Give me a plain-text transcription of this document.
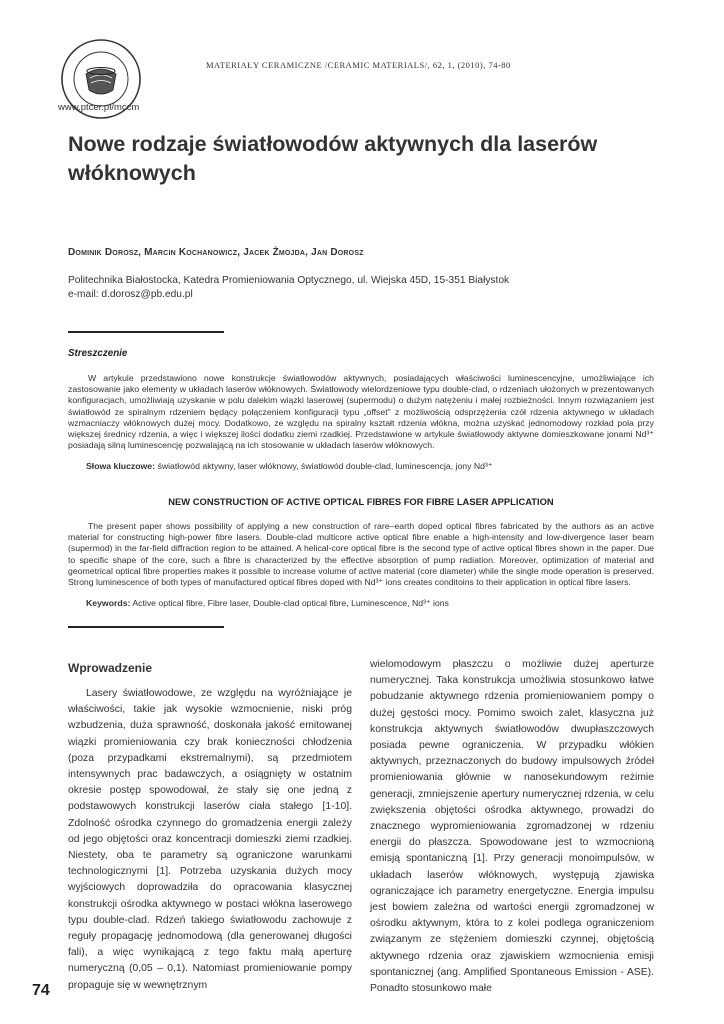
www.ptcer.pl/mccm
MATERIAŁY CERAMICZNE /CERAMIC MATERIALS/, 62, 1, (2010), 74-80
Nowe rodzaje światłowodów aktywnych dla laserów włóknowych
Dominik Dorosz, Marcin Kochanowicz, Jacek Żmojda, Jan Dorosz
Politechnika Białostocka, Katedra Promieniowania Optycznego, ul. Wiejska 45D, 15-351 Białystok
e-mail: d.dorosz@pb.edu.pl
Streszczenie

W artykule przedstawiono nowe konstrukcje światłowodów aktywnych, posiadających właściwości luminescencyjne, umożliwiające ich zastosowanie jako elementy w układach laserów włóknowych. Światłowody wielordzeniowe typu double-clad, o rdzeniach ułożonych w prezentowanych konfiguracjach, umożliwiają uzyskanie w polu dalekim wiązki laserowej (supermodu) o dużym natężeniu i małej rozbieżności. Innym rozwiązaniem jest światłowód ze spiralnym rdzeniem będący połączeniem konfiguracji typu „offset" z możliwością odsprzężenia czół rdzenia aktywnego w układach wzmacniaczy włóknowych dużej mocy. Dodatkowo, ze względu na spiralny kształt rdzenia włókna, można uzyskać jednomodowy rozkład pola przy większej średnicy rdzenia, a więc i większej ilości dodatku ziemi rzadkiej. Przedstawione w artykule światłowody aktywne domieszkowane jonami Nd³⁺ posiadają silną luminescencję pozwalającą na ich stosowanie w układach laserów włóknowych.

Słowa kluczowe: światłowód aktywny, laser włóknowy, światłowód double-clad, luminescencja, jony Nd³⁺

NEW CONSTRUCTION OF ACTIVE OPTICAL FIBRES FOR FIBRE LASER APPLICATION

The present paper shows possibility of applying a new construction of rare–earth doped optical fibres fabricated by the authors as an active material for constructing high-power fibre lasers. Double-clad multicore active optical fibre enable a high-intensity and low-divergence laser beam (supermod) in the far-field diffraction region to be attained. A helical-core optical fibre is the second type of active optical fibres shown in the paper. Due to specific shape of the core, such a fibre is characterized by the effective absorption of pump radiation. Moreover, optimization of material and geometrical optical fibre properties makes it possible to increase volume of active material (core diameter) while the single mode operation is preserved. Strong luminescence of both types of manufactured optical fibres doped with Nd³⁺ ions creates conditoins to their application in optical fibre lasers.

Keywords: Active optical fibre, Fibre laser, Double-clad optical fibre, Luminescence, Nd³⁺ ions

Wprowadzenie

Lasery światłowodowe, ze względu na wyróżniające je właściwości, takie jak wysokie wzmocnienie, niski próg wzbudzenia, duża sprawność, doskonała jakość emitowanej wiązki promieniowania czy brak konieczności chłodzenia (poza przypadkami ekstremalnymi), są przedmiotem intensywnych prac badawczych, a osiągnięty w ostatnim okresie postęp spowodował, że stały się one jedną z podstawowych konstrukcji laserów ciała stałego [1-10]. Zdolność ośrodka czynnego do gromadzenia energii zależy od jego objętości oraz koncentracji domieszki ziemi rzadkiej. Niestety, oba te parametry są ograniczone warunkami technologicznymi [1]. Potrzeba uzyskania dużych mocy wyjściowych doprowadziła do opracowania klasycznej konstrukcji ośrodka aktywnego w postaci włókna laserowego typu double-clad. Rdzeń takiego światłowodu zachowuje z reguły propagację jednomodową (dla generowanej długości fali), a więc wynikającą z tego faktu małą aperturę numeryczną (0,05 – 0,1). Natomiast promieniowanie pompy propaguje się w wewnętrznym

wielomodowym płaszczu o możliwie dużej aperturze numerycznej. Taka konstrukcja umożliwia stosunkowo łatwe pobudzanie aktywnego rdzenia promieniowaniem pompy o dużej gęstości mocy. Pomimo swoich zalet, klasyczna już konstrukcja aktywnych światłowodów dwupłaszczowych posiada pewne ograniczenia. W przypadku włókien aktywnych, przeznaczonych do budowy impulsowych źródeł promieniowania głównie w nanosekundowym reżimie generacji, zmniejszenie apertury numerycznej rdzenia, w celu zwiększenia objętości ośrodka aktywnego, prowadzi do znacznego wypromieniowania zgromadzonej w rdzeniu energii do płaszcza. Spowodowane jest to wzmocnioną emisją spontaniczną [1]. Przy generacji monoimpulsów, w układach laserów włóknowych, występują zjawiska ograniczające ich parametry energetyczne. Energia impulsu jest bowiem zależna od wartości energii zgromadzonej w ośrodku aktywnym, która to z kolei podlega ograniczeniom związanym ze stężeniem domieszki czynnej, objętością aktywnego rdzenia oraz zjawiskiem wzmocnienia emisji spontanicznej (ang. Amplified Spontaneous Emission - ASE). Ponadto stosunkowo małe

74
